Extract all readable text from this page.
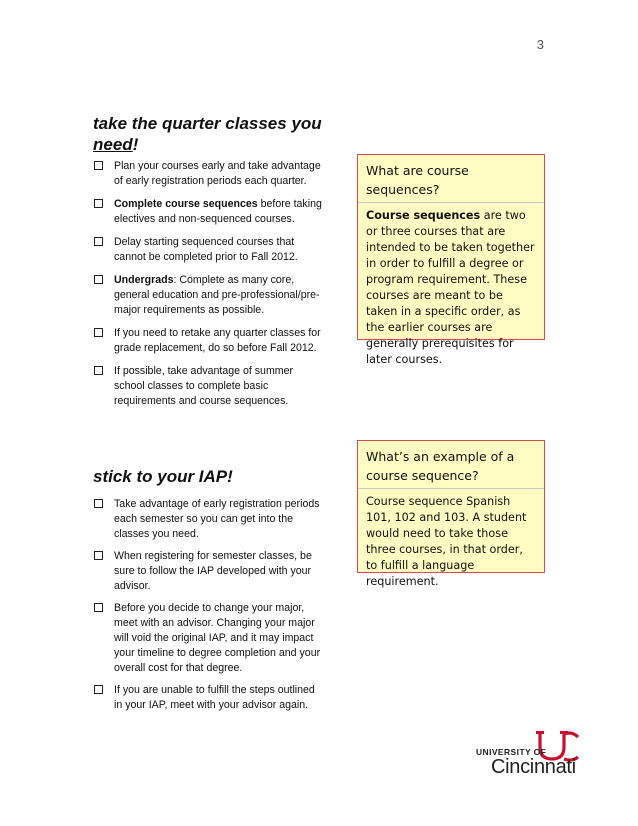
3
take the quarter classes you need!
Plan your courses early and take advantage of early registration periods each quarter.
Complete course sequences before taking electives and non-sequenced courses.
Delay starting sequenced courses that cannot be completed prior to Fall 2012.
Undergrads: Complete as many core, general education and pre-professional/pre-major requirements as possible.
If you need to retake any quarter classes for grade replacement, do so before Fall 2012.
If possible, take advantage of summer school classes to complete basic requirements and course sequences.
stick to your IAP!
Take advantage of early registration periods each semester so you can get into the classes you need.
When registering for semester classes, be sure to follow the IAP developed with your advisor.
Before you decide to change your major, meet with an advisor. Changing your major will void the original IAP, and it may impact your timeline to degree completion and your overall cost for that degree.
If you are unable to fulfill the steps outlined in your IAP, meet with your advisor again.
What are course sequences?
Course sequences are two or three courses that are intended to be taken together in order to fulfill a degree or program requirement. These courses are meant to be taken in a specific order, as the earlier courses are generally prerequisites for later courses.
What’s an example of a course sequence?
Course sequence Spanish 101, 102 and 103. A student would need to take those three courses, in that order, to fulfill a language requirement.
UNIVERSITY OF
Cincinnati
